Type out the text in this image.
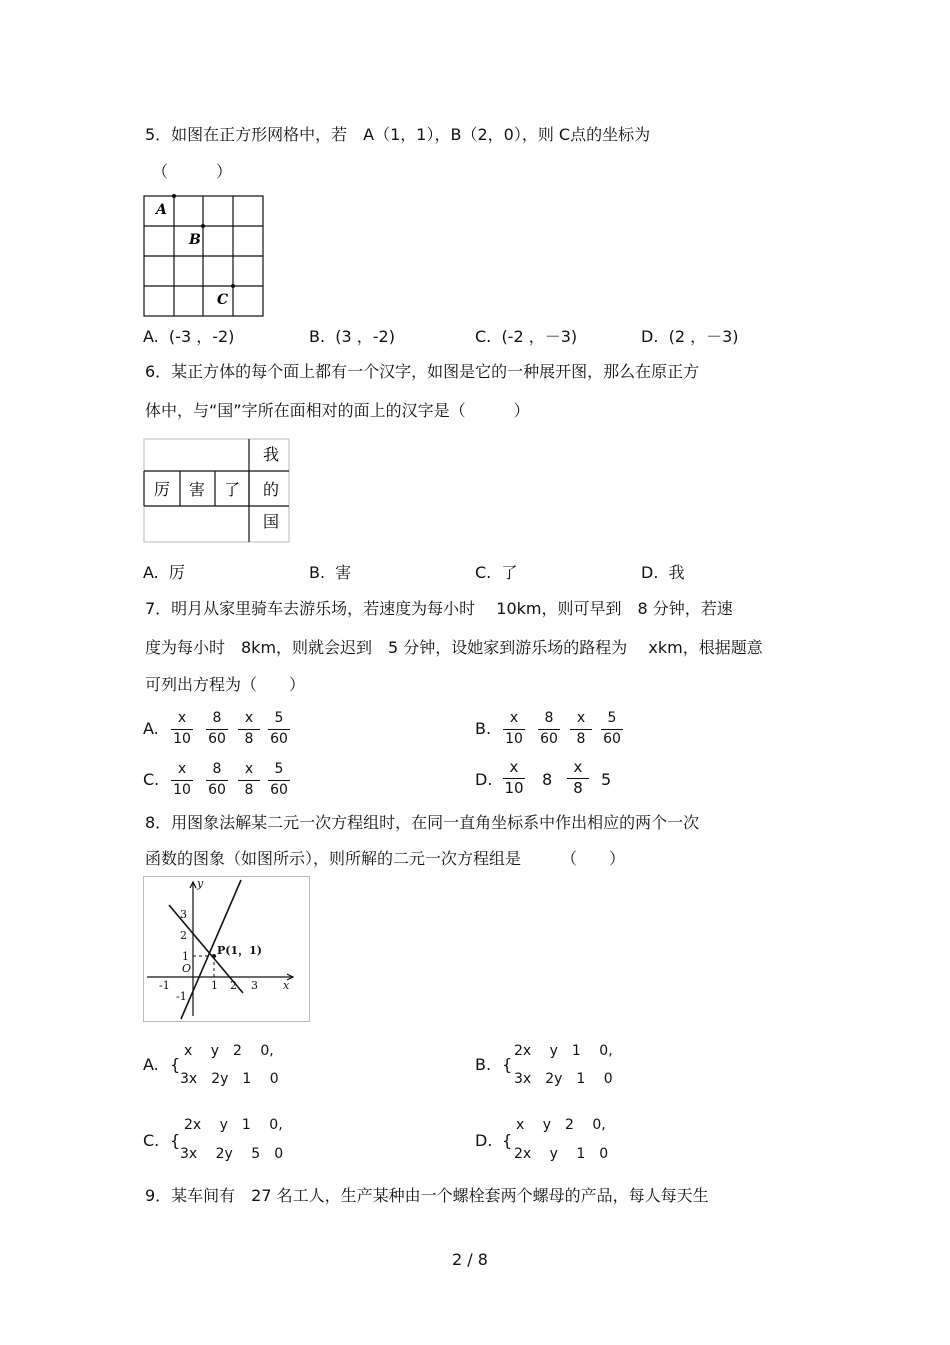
5．如图在正方形网格中，若　A（1，1），B（2，0），则 C点的坐标为
（　　　）
A
B
C
A. (-3 ，-2)	B. (3 ，-2)	C. (-2 ，－3)	D. (2 ，－3)
6．某正方体的每个面上都有一个汉字，如图是它的一种展开图，那么在原正方
体中，与“国”字所在面相对的面上的汉字是（　　　）
厉 害 了
我
的
国
A. 厉	B. 害	C. 了	D. 我
7．明月从家里骑车去游乐场，若速度为每小时　 10km，则可早到　8 分钟，若速
度为每小时　8km，则就会迟到　5 分钟，设她家到游乐场的路程为　 xkm，根据题意
可列出方程为（　　）
A.
x
10
8
60
x
8
5
60
B.
x
10
8
60
x
8
5
60
C.
x
10
8
60
x
8
5
60
D.
x
10 8
x
8	5
8．用图象法解某二元一次方程组时，在同一直角坐标系中作出相应的两个一次
函数的图象（如图所示），则所解的二元一次方程组是　　　（　　）
P(1，1)
y
x
O
-1	1 2 3
-1
1
2
3
A. {
x　 y　2　 0,
3x　2y　1　 0
B. {
2x　 y　1　 0,
3x　2y　1　 0
C. {
2x　 y　1　 0,
3x　 2y　 5　0
D. {
x　 y　2　 0,
2x　 y　 1　0
9．某车间有　27 名工人，生产某种由一个螺栓套两个螺母的产品，每人每天生
2 / 8
